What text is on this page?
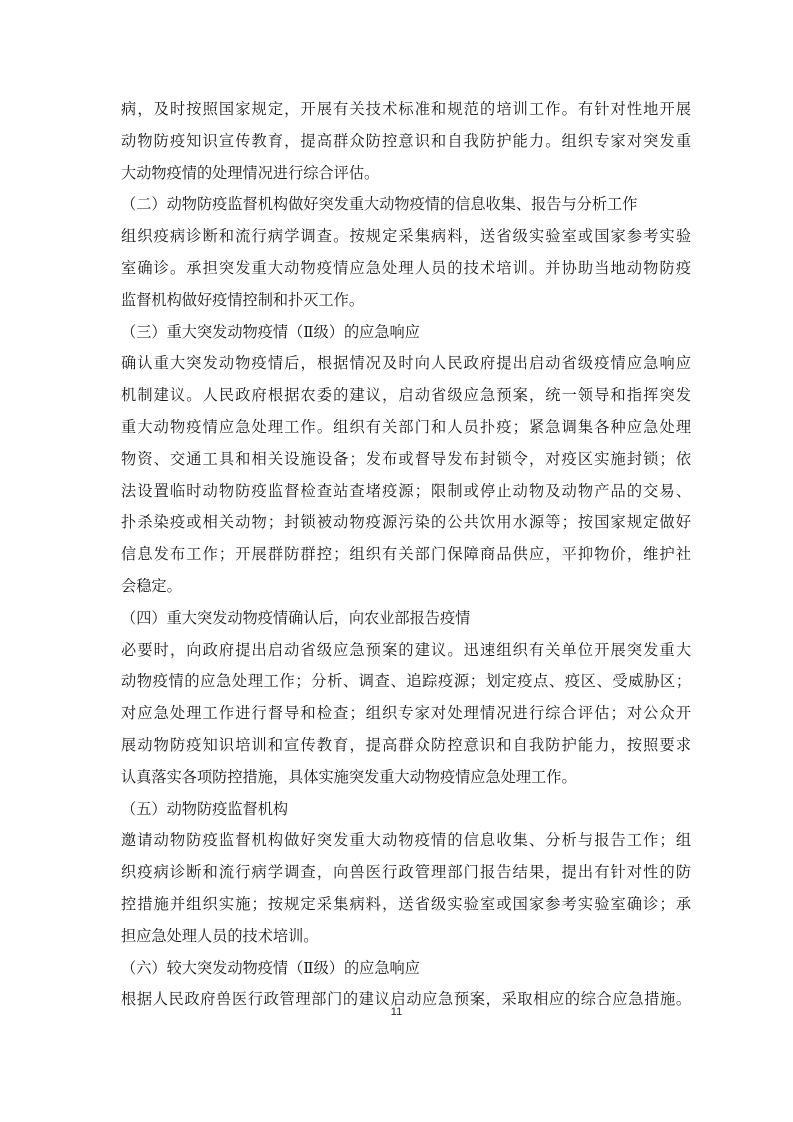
病，及时按照国家规定，开展有关技术标准和规范的培训工作。有针对性地开展
动物防疫知识宣传教育，提高群众防控意识和自我防护能力。组织专家对突发重
大动物疫情的处理情况进行综合评估。
（二）动物防疫监督机构做好突发重大动物疫情的信息收集、报告与分析工作
组织疫病诊断和流行病学调查。按规定采集病料，送省级实验室或国家参考实验
室确诊。承担突发重大动物疫情应急处理人员的技术培训。并协助当地动物防疫
监督机构做好疫情控制和扑灭工作。
（三）重大突发动物疫情（Ⅱ级）的应急响应
确认重大突发动物疫情后，根据情况及时向人民政府提出启动省级疫情应急响应
机制建议。人民政府根据农委的建议，启动省级应急预案，统一领导和指挥突发
重大动物疫情应急处理工作。组织有关部门和人员扑疫；紧急调集各种应急处理
物资、交通工具和相关设施设备；发布或督导发布封锁令，对疫区实施封锁；依
法设置临时动物防疫监督检查站查堵疫源；限制或停止动物及动物产品的交易、
扑杀染疫或相关动物；封锁被动物疫源污染的公共饮用水源等；按国家规定做好
信息发布工作；开展群防群控；组织有关部门保障商品供应，平抑物价，维护社
会稳定。
（四）重大突发动物疫情确认后，向农业部报告疫情
必要时，向政府提出启动省级应急预案的建议。迅速组织有关单位开展突发重大
动物疫情的应急处理工作；分析、调查、追踪疫源；划定疫点、疫区、受威胁区；
对应急处理工作进行督导和检查；组织专家对处理情况进行综合评估；对公众开
展动物防疫知识培训和宣传教育，提高群众防控意识和自我防护能力，按照要求
认真落实各项防控措施，具体实施突发重大动物疫情应急处理工作。
（五）动物防疫监督机构
邀请动物防疫监督机构做好突发重大动物疫情的信息收集、分析与报告工作；组
织疫病诊断和流行病学调查，向兽医行政管理部门报告结果，提出有针对性的防
控措施并组织实施；按规定采集病料，送省级实验室或国家参考实验室确诊；承
担应急处理人员的技术培训。
（六）较大突发动物疫情（Ⅱ级）的应急响应
根据人民政府兽医行政管理部门的建议启动应急预案，采取相应的综合应急措施。
11
